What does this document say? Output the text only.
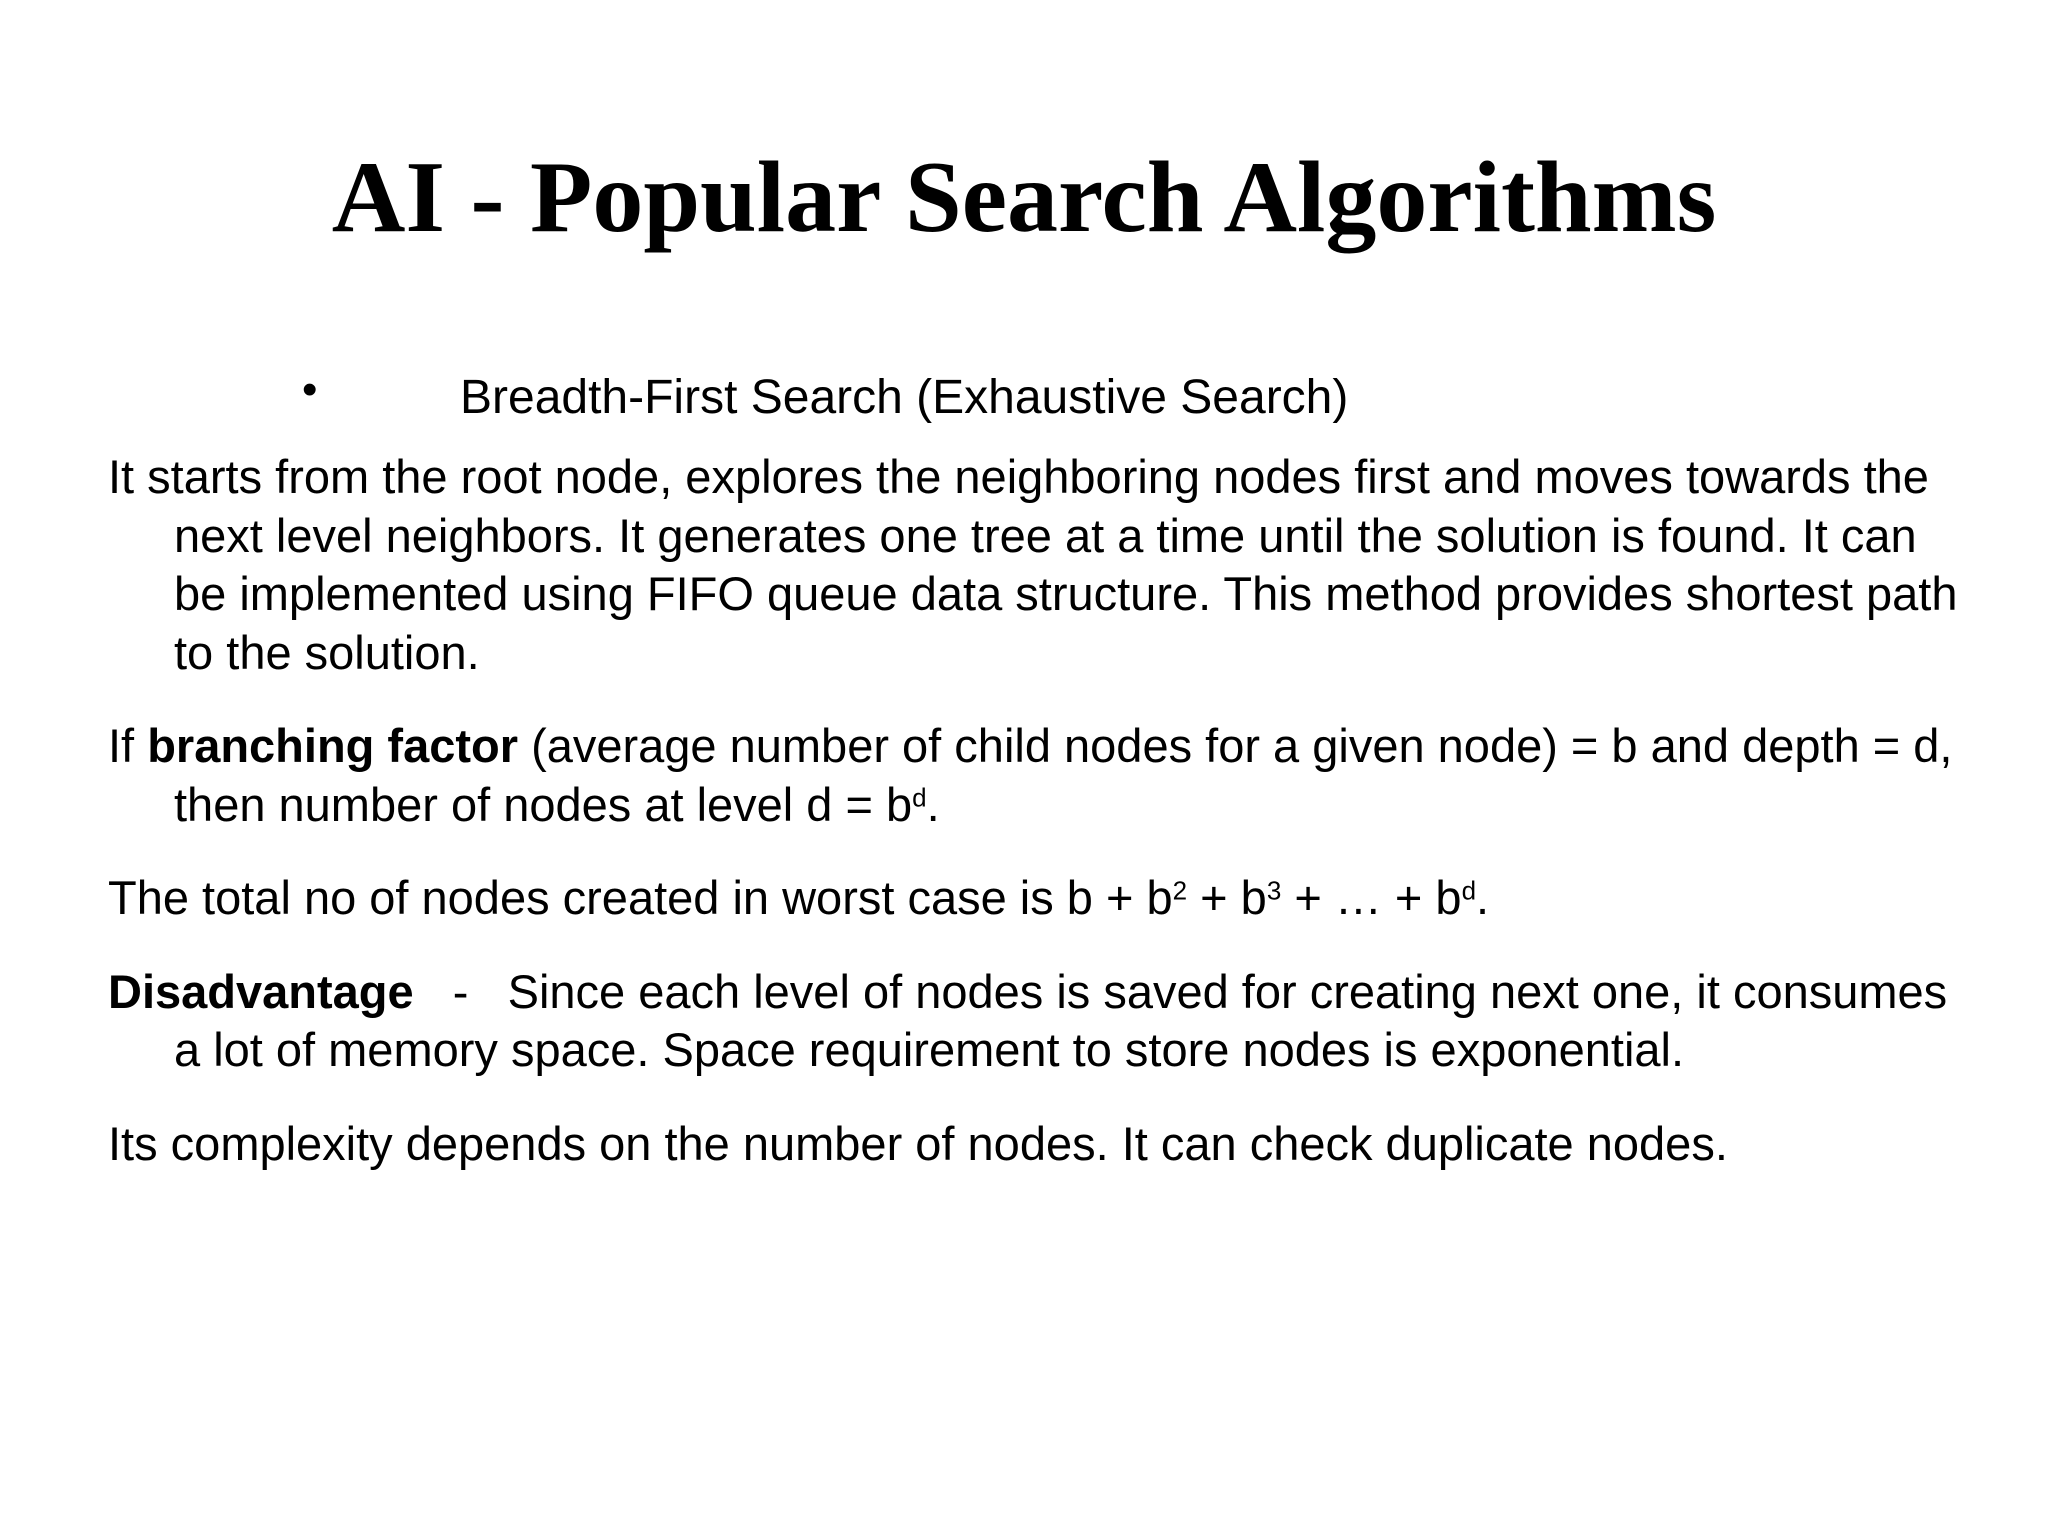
AI - Popular Search Algorithms
•	Breadth-First Search (Exhaustive Search)

It starts from the root node, explores the neighboring nodes first and moves towards the next level neighbors. It generates one tree at a time until the solution is found. It can be implemented using FIFO queue data structure. This method provides shortest path to the solution.

If branching factor (average number of child nodes for a given node) = b and depth = d, then number of nodes at level $d = b^d$.

The total no of nodes created in worst case is $b + b^2 + b^3$ + … + $b^d$.

Disadvantage   -   Since each level of nodes is saved for creating next one, it consumes a lot of memory space. Space requirement to store nodes is exponential.

Its complexity depends on the number of nodes. It can check duplicate nodes.
